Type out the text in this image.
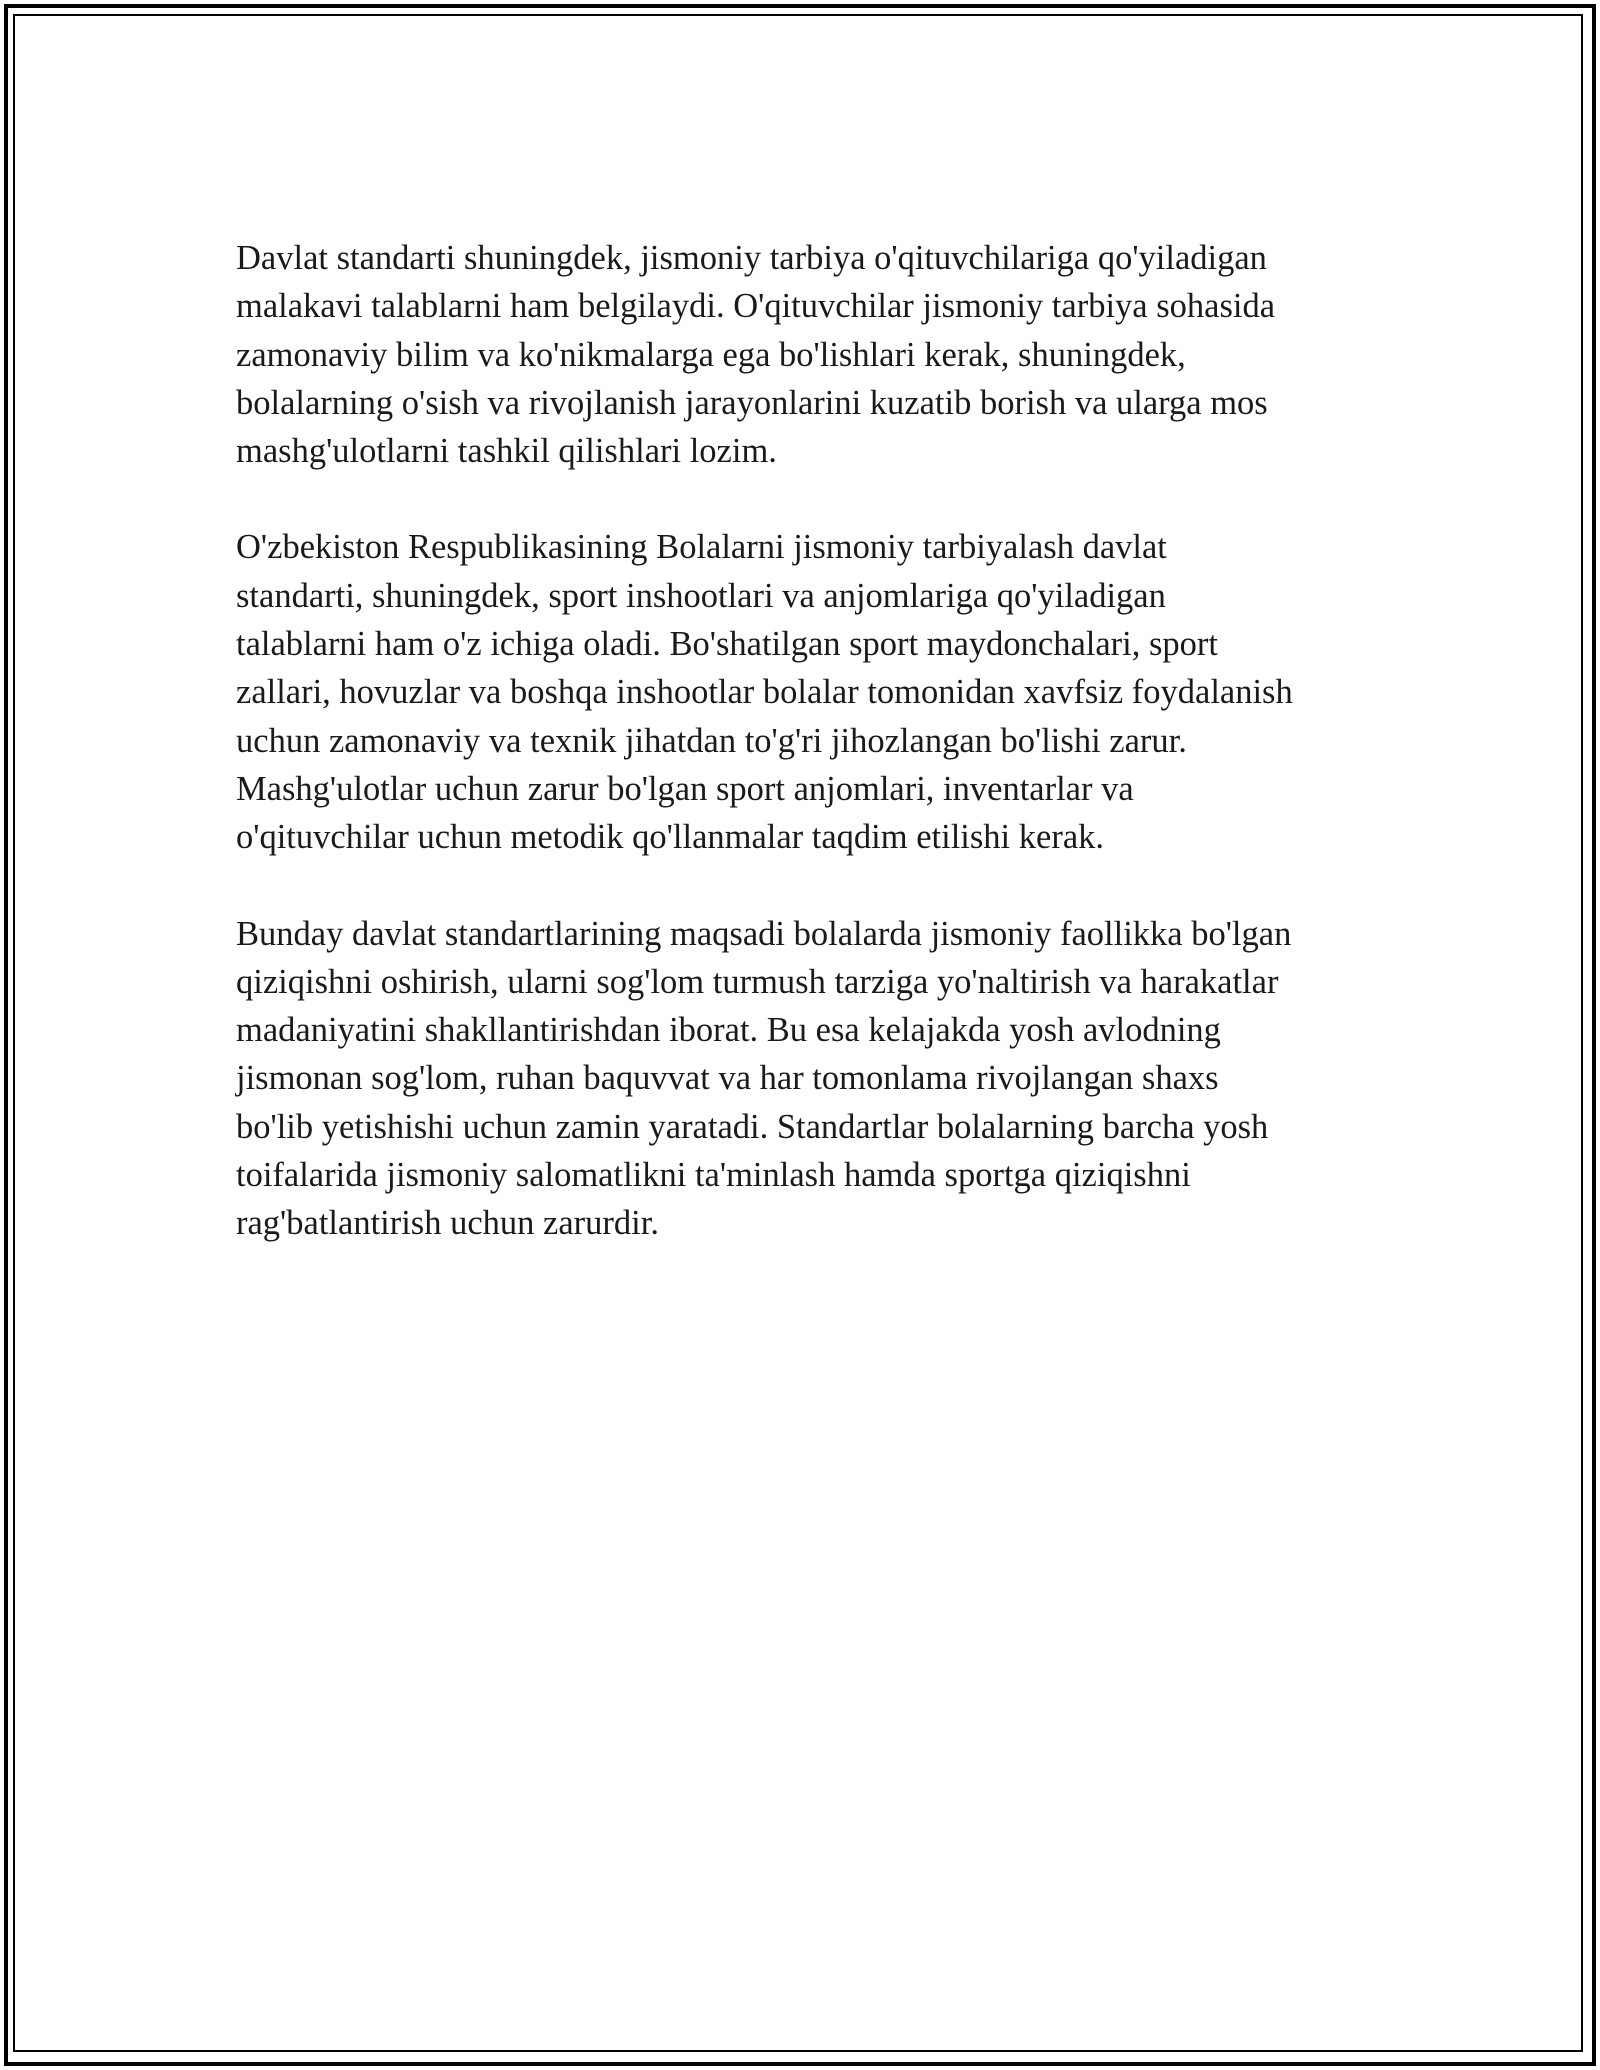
Davlat standarti shuningdek, jismoniy tarbiya o'qituvchilariga qo'yiladigan
malakavi talablarni ham belgilaydi. O'qituvchilar jismoniy tarbiya sohasida
zamonaviy bilim va ko'nikmalarga ega bo'lishlari kerak, shuningdek,
bolalarning o'sish va rivojlanish jarayonlarini kuzatib borish va ularga mos
mashg'ulotlarni tashkil qilishlari lozim.

O'zbekiston Respublikasining Bolalarni jismoniy tarbiyalash davlat
standarti, shuningdek, sport inshootlari va anjomlariga qo'yiladigan
talablarni ham o'z ichiga oladi. Bo'shatilgan sport maydonchalari, sport
zallari, hovuzlar va boshqa inshootlar bolalar tomonidan xavfsiz foydalanish
uchun zamonaviy va texnik jihatdan to'g'ri jihozlangan bo'lishi zarur.
Mashg'ulotlar uchun zarur bo'lgan sport anjomlari, inventarlar va
o'qituvchilar uchun metodik qo'llanmalar taqdim etilishi kerak.

Bunday davlat standartlarining maqsadi bolalarda jismoniy faollikka bo'lgan
qiziqishni oshirish, ularni sog'lom turmush tarziga yo'naltirish va harakatlar
madaniyatini shakllantirishdan iborat. Bu esa kelajakda yosh avlodning
jismonan sog'lom, ruhan baquvvat va har tomonlama rivojlangan shaxs
bo'lib yetishishi uchun zamin yaratadi. Standartlar bolalarning barcha yosh
toifalarida jismoniy salomatlikni ta'minlash hamda sportga qiziqishni
rag'batlantirish uchun zarurdir.
